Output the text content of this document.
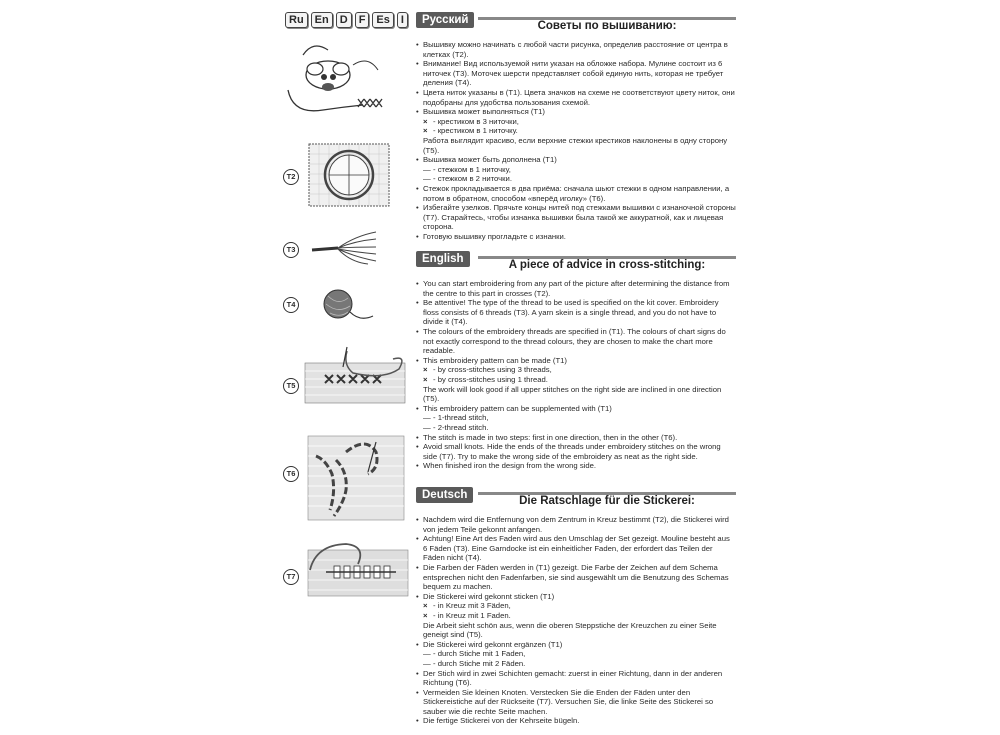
Ru	En	D	F	Es	I
T2
T3
T4
T5
T6
T7
Русский	Советы по вышиванию:
• Вышивку можно начинать с любой части рисунка, определив расстояние от центра в клетках (T2).
• Внимание! Вид используемой нити указан на обложке набора. Мулине состоит из 6 ниточек (T3). Моточек шерсти представляет собой единую нить, которая не требует деления (T4).
• Цвета ниток указаны в (T1). Цвета значков на схеме не соответствуют цвету ниток, они подобраны для удобства пользования схемой.
• Вышивка может выполняться (T1)
× - крестиком в 3 ниточки,
× - крестиком в 1 ниточку.
Работа выглядит красиво, если верхние стежки крестиков наклонены в одну сторону (T5).
• Вышивка может быть дополнена (T1)
— - стежком в 1 ниточку,
— - стежком в 2 ниточки.
• Стежок прокладывается в два приёма: сначала шьют стежки в одном направлении, а потом в обратном, способом «вперёд иголку» (T6).
• Избегайте узелков. Прячьте концы нитей под стежками вышивки с изнаночной стороны (T7). Старайтесь, чтобы изнанка вышивки была такой же аккуратной, как и лицевая сторона.
• Готовую вышивку прогладьте с изнанки.
English	A piece of advice in cross-stitching:
• You can start embroidering from any part of the picture after determining the distance from the centre to this part in crosses (T2).
• Be attentive! The type of the thread to be used is specified on the kit cover. Embroidery floss consists of 6 threads (T3). A yarn skein is a single thread, and you do not have to divide it (T4).
• The colours of the embroidery threads are specified in (T1). The colours of chart signs do not exactly correspond to the thread colours, they are chosen to make the chart more readable.
• This embroidery pattern can be made (T1)
× - by cross-stitches using 3 threads,
× - by cross-stitches using 1 thread.
The work will look good if all upper stitches on the right side are inclined in one direction (T5).
• This embroidery pattern can be supplemented with (T1)
— - 1-thread stitch,
— - 2-thread stitch.
• The stitch is made in two steps: first in one direction, then in the other (T6).
• Avoid small knots. Hide the ends of the threads under embroidery stitches on the wrong side (T7). Try to make the wrong side of the embroidery as neat as the right side.
• When finished iron the design from the wrong side.
Deutsch	Die Ratschlage für die Stickerei:
• Nachdem wird die Entfernung von dem Zentrum in Kreuz bestimmt (T2), die Stickerei wird von jedem Teile gekonnt anfangen.
• Achtung! Eine Art des Faden wird aus den Umschlag der Set gezeigt. Mouline besteht aus 6 Fäden (T3). Eine Garndocke ist ein einheitlicher Faden, der erfordert das Teilen der Fäden nicht (T4).
• Die Farben der Fäden werden in (T1) gezeigt. Die Farbe der Zeichen auf dem Schema entsprechen nicht den Fadenfarben, sie sind ausgewählt um die Benutzung des Schemas bequem zu machen.
• Die Stickerei wird gekonnt sticken (T1)
× - in Kreuz mit 3 Fäden,
× - in Kreuz mit 1 Faden.
Die Arbeit sieht schön aus, wenn die oberen Steppstiche der Kreuzchen zu einer Seite geneigt sind (T5).
• Die Stickerei wird gekonnt ergänzen (T1)
— - durch Stiche mit 1 Faden,
— - durch Stiche mit 2 Fäden.
• Der Stich wird in zwei Schichten gemacht: zuerst in einer Richtung, dann in der anderen Richtung (T6).
• Vermeiden Sie kleinen Knoten. Verstecken Sie die Enden der Fäden unter den Stickereistiche auf der Rückseite (T7). Versuchen Sie, die linke Seite des Stickerei so sauber wie die rechte Seite machen.
• Die fertige Stickerei von der Kehrseite bügeln.
